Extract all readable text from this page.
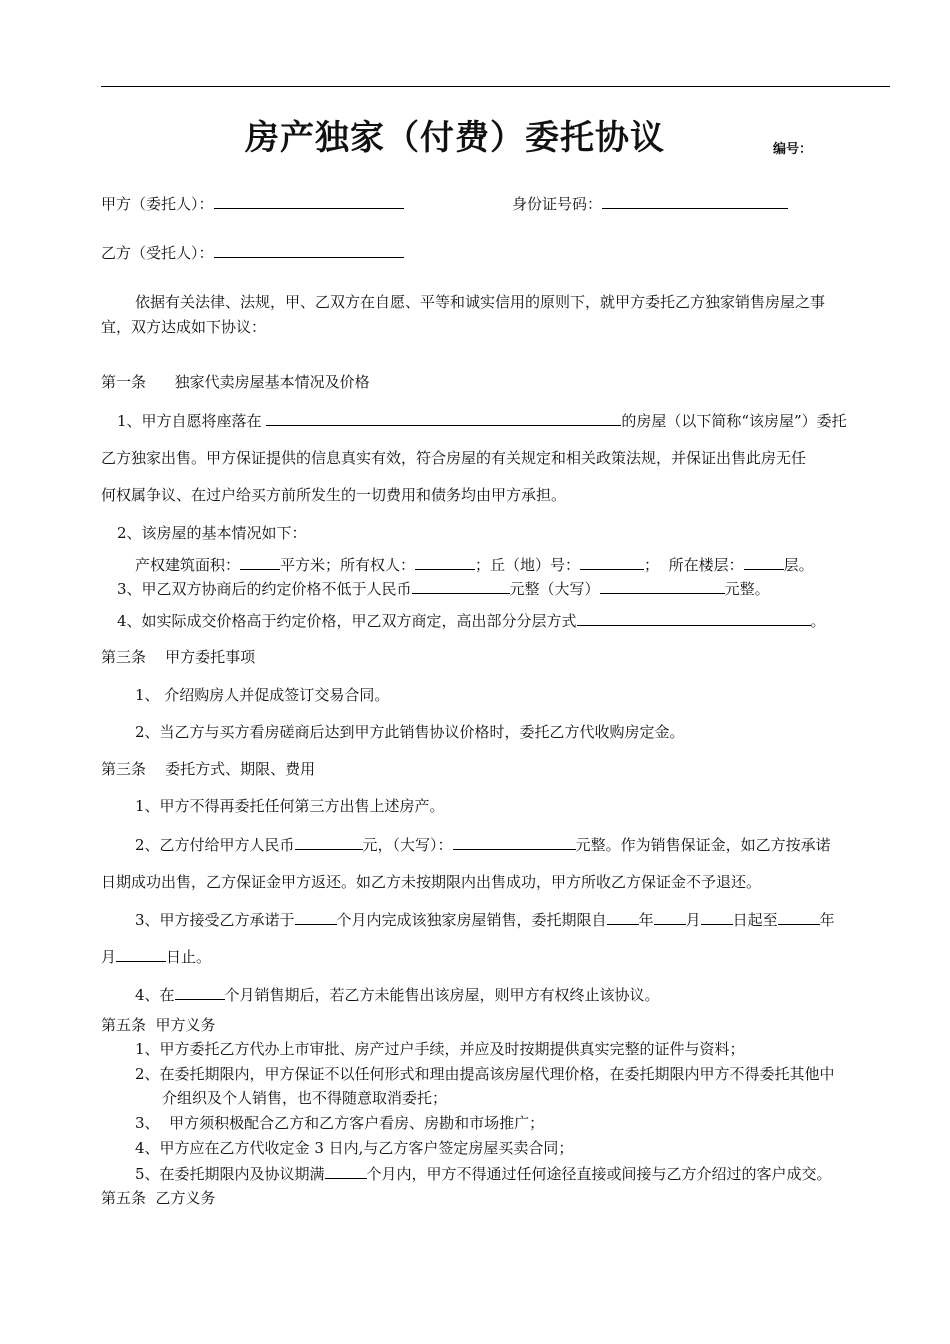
房产独家（付费）委托协议	编号：
甲方（委托人）：	身份证号码：
乙方（受托人）：
依据有关法律、法规，甲、乙双方在自愿、平等和诚实信用的原则下，就甲方委托乙方独家销售房屋之事
宜，双方达成如下协议：
第一条      独家代卖房屋基本情况及价格
1、甲方自愿将座落在	的房屋（以下简称“该房屋”）委托
乙方独家出售。甲方保证提供的信息真实有效，符合房屋的有关规定和相关政策法规，并保证出售此房无任
何权属争议、在过户给买方前所发生的一切费用和债务均由甲方承担。
2、该房屋的基本情况如下：
产权建筑面积：	平方米；所有权人：	；丘（地）号：	；  所在楼层：	层。
3、甲乙双方协商后的约定价格不低于人民币	元整（大写）	元整。
4、如实际成交价格高于约定价格，甲乙双方商定，高出部分分层方式	。
第三条    甲方委托事项
1、 介绍购房人并促成签订交易合同。
2、当乙方与买方看房磋商后达到甲方此销售协议价格时，委托乙方代收购房定金。
第三条    委托方式、期限、费用
1、甲方不得再委托任何第三方出售上述房产。
2、乙方付给甲方人民币	元，（大写）：	元整。作为销售保证金，如乙方按承诺
日期成功出售，乙方保证金甲方返还。如乙方未按期限内出售成功，甲方所收乙方保证金不予退还。
3、甲方接受乙方承诺于	个月内完成该独家房屋销售，委托期限自 年 月 日起至	年
月	日止。
4、在	个月销售期后，若乙方未能售出该房屋，则甲方有权终止该协议。
第五条  甲方义务
1、甲方委托乙方代办上市审批、房产过户手续，并应及时按期提供真实完整的证件与资料；
2、在委托期限内，甲方保证不以任何形式和理由提高该房屋代理价格，在委托期限内甲方不得委托其他中
介组织及个人销售，也不得随意取消委托；
3、  甲方须积极配合乙方和乙方客户看房、房勘和市场推广；
4、甲方应在乙方代收定金 3 日内,与乙方客户签定房屋买卖合同；
5、在委托期限内及协议期满	个月内，甲方不得通过任何途径直接或间接与乙方介绍过的客户成交。
第五条  乙方义务
